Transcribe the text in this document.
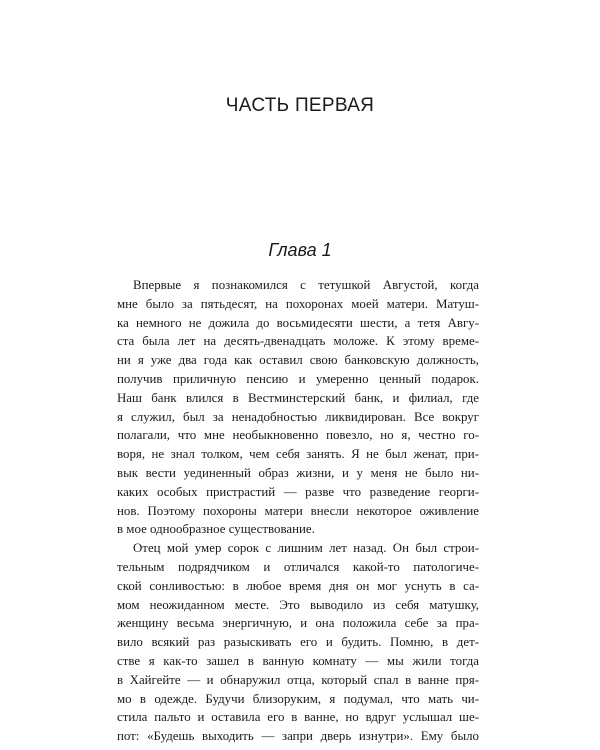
ЧАСТЬ ПЕРВАЯ
Глава 1
Впервые я познакомился с тетушкой Августой, когда
мне было за пятьдесят, на похоронах моей матери. Матуш-
ка немного не дожила до восьмидесяти шести, а тетя Авгу-
ста была лет на десять-двенадцать моложе. К этому време-
ни я уже два года как оставил свою банковскую должность,
получив приличную пенсию и умеренно ценный подарок.
Наш банк влился в Вестминстерский банк, и филиал, где
я служил, был за ненадобностью ликвидирован. Все вокруг
полагали, что мне необыкновенно повезло, но я, честно го-
воря, не знал толком, чем себя занять. Я не был женат, при-
вык вести уединенный образ жизни, и у меня не было ни-
каких особых пристрастий — разве что разведение георги-
нов. Поэтому похороны матери внесли некоторое оживление
в мое однообразное существование.
Отец мой умер сорок с лишним лет назад. Он был строи-
тельным подрядчиком и отличался какой-то патологиче-
ской сонливостью: в любое время дня он мог уснуть в са-
мом неожиданном месте. Это выводило из себя матушку,
женщину весьма энергичную, и она положила себе за пра-
вило всякий раз разыскивать его и будить. Помню, в дет-
стве я как-то зашел в ванную комнату — мы жили тогда
в Хайгейте — и обнаружил отца, который спал в ванне пря-
мо в одежде. Будучи близоруким, я подумал, что мать чи-
стила пальто и оставила его в ванне, но вдруг услышал ше-
пот: «Будешь выходить — запри дверь изнутри». Ему было
